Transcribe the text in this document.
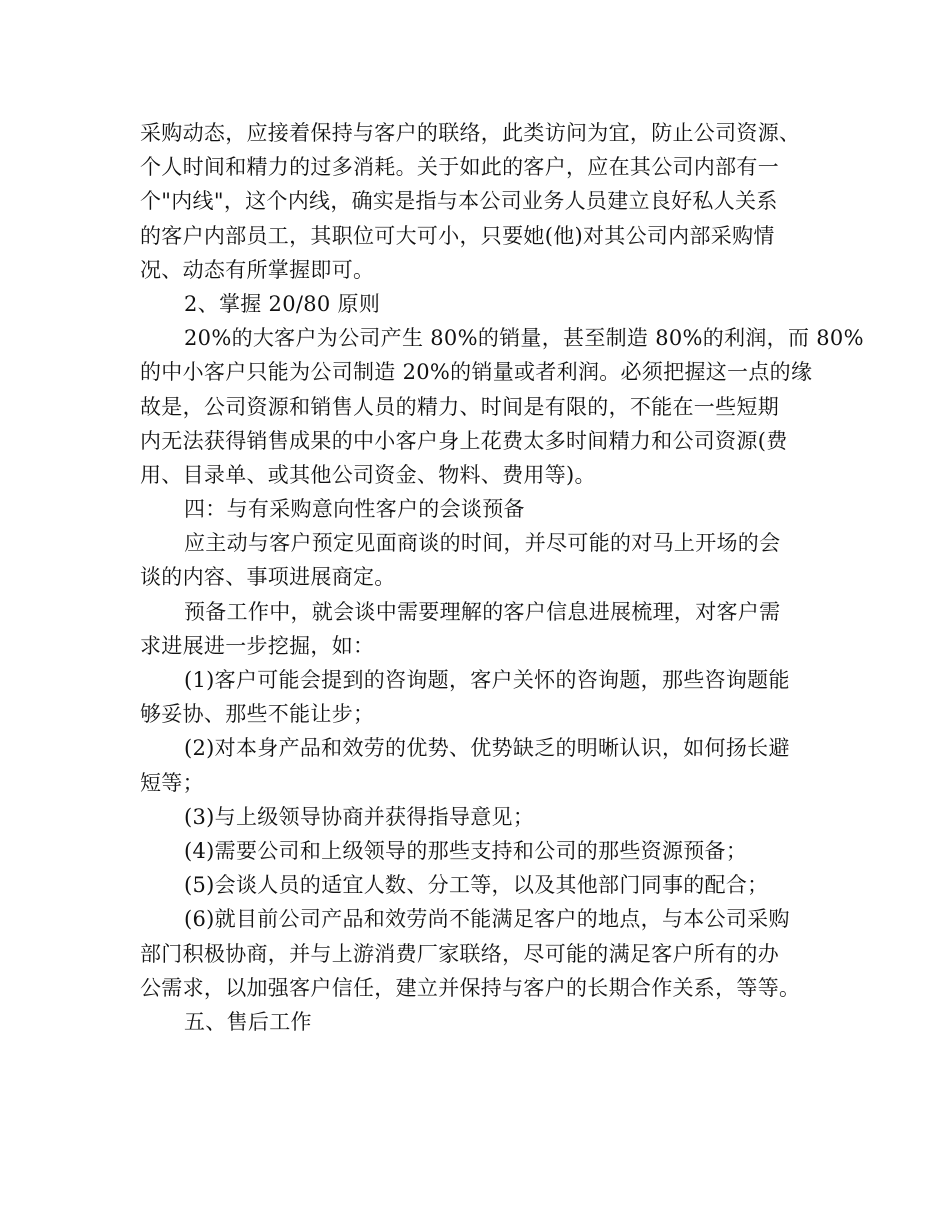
采购动态，应接着保持与客户的联络，此类访问为宜，防止公司资源、
个人时间和精力的过多消耗。关于如此的客户，应在其公司内部有一
个"内线"，这个内线，确实是指与本公司业务人员建立良好私人关系
的客户内部员工，其职位可大可小，只要她(他)对其公司内部采购情
况、动态有所掌握即可。
2、掌握 20/80 原则
20%的大客户为公司产生 80%的销量，甚至制造 80%的利润，而 80%
的中小客户只能为公司制造 20%的销量或者利润。必须把握这一点的缘
故是，公司资源和销售人员的精力、时间是有限的，不能在一些短期
内无法获得销售成果的中小客户身上花费太多时间精力和公司资源(费
用、目录单、或其他公司资金、物料、费用等)。
四：与有采购意向性客户的会谈预备
应主动与客户预定见面商谈的时间，并尽可能的对马上开场的会
谈的内容、事项进展商定。
预备工作中，就会谈中需要理解的客户信息进展梳理，对客户需
求进展进一步挖掘，如：
(1)客户可能会提到的咨询题，客户关怀的咨询题，那些咨询题能
够妥协、那些不能让步；
(2)对本身产品和效劳的优势、优势缺乏的明晰认识，如何扬长避
短等；
(3)与上级领导协商并获得指导意见；
(4)需要公司和上级领导的那些支持和公司的那些资源预备；
(5)会谈人员的适宜人数、分工等，以及其他部门同事的配合；
(6)就目前公司产品和效劳尚不能满足客户的地点，与本公司采购
部门积极协商，并与上游消费厂家联络，尽可能的满足客户所有的办
公需求，以加强客户信任，建立并保持与客户的长期合作关系，等等。
五、售后工作
